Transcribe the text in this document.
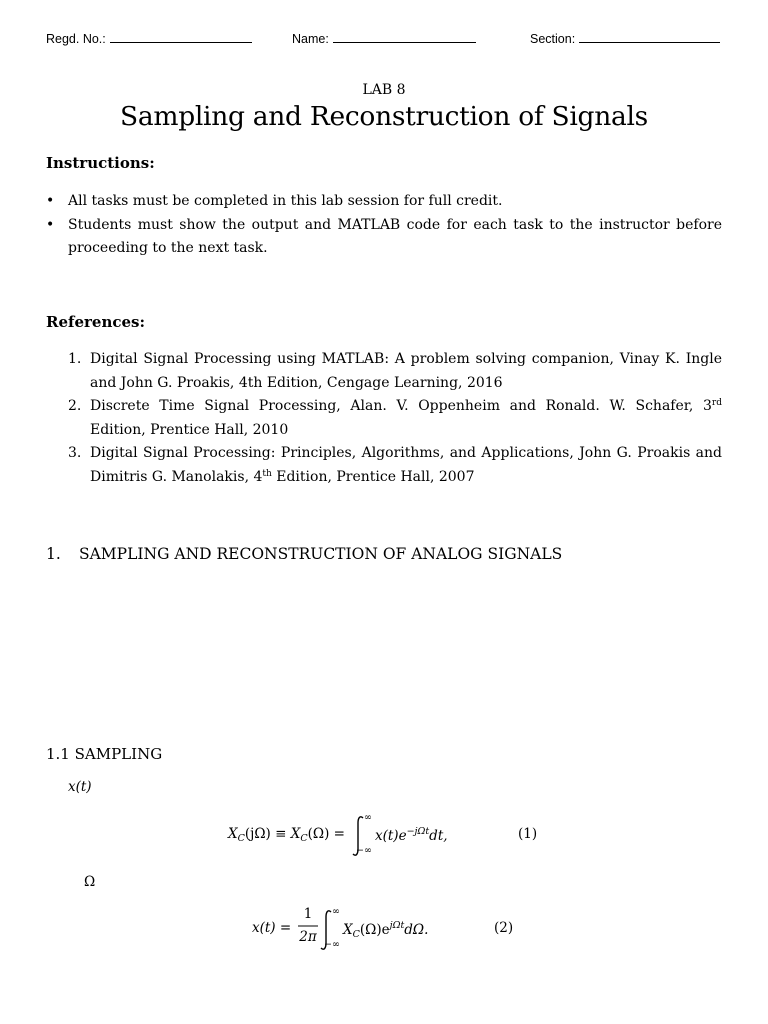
Regd. No.:	Name:	Section:
LAB 8
Sampling and Reconstruction of Signals
Instructions:
• All tasks must be completed in this lab session for full credit.
• Students must show the output and MATLAB code for each task to the instructor before proceeding to the next task.
References:
1. Digital Signal Processing using MATLAB: A problem solving companion, Vinay K. Ingle and John G. Proakis, 4th Edition, Cengage Learning, 2016
2. Discrete Time Signal Processing, Alan. V. Oppenheim and Ronald. W. Schafer, 3rd Edition, Prentice Hall, 2010
3. Digital Signal Processing: Principles, Algorithms, and Applications, John G. Proakis and Dimitris G. Manolakis, 4th Edition, Prentice Hall, 2007
1. SAMPLING AND RECONSTRUCTION OF ANALOG SIGNALS
1.1 SAMPLING
x(t)
$X_C(j\Omega) \equiv X_C(\Omega)$ =
∞
−∞
$x(t)e^{-j\Omega t}dt$,	(1)
Ω
x(t) =
1
2π
∞
−∞
$X_C(\Omega)e^{j\Omega t}d\Omega$.	(2)
